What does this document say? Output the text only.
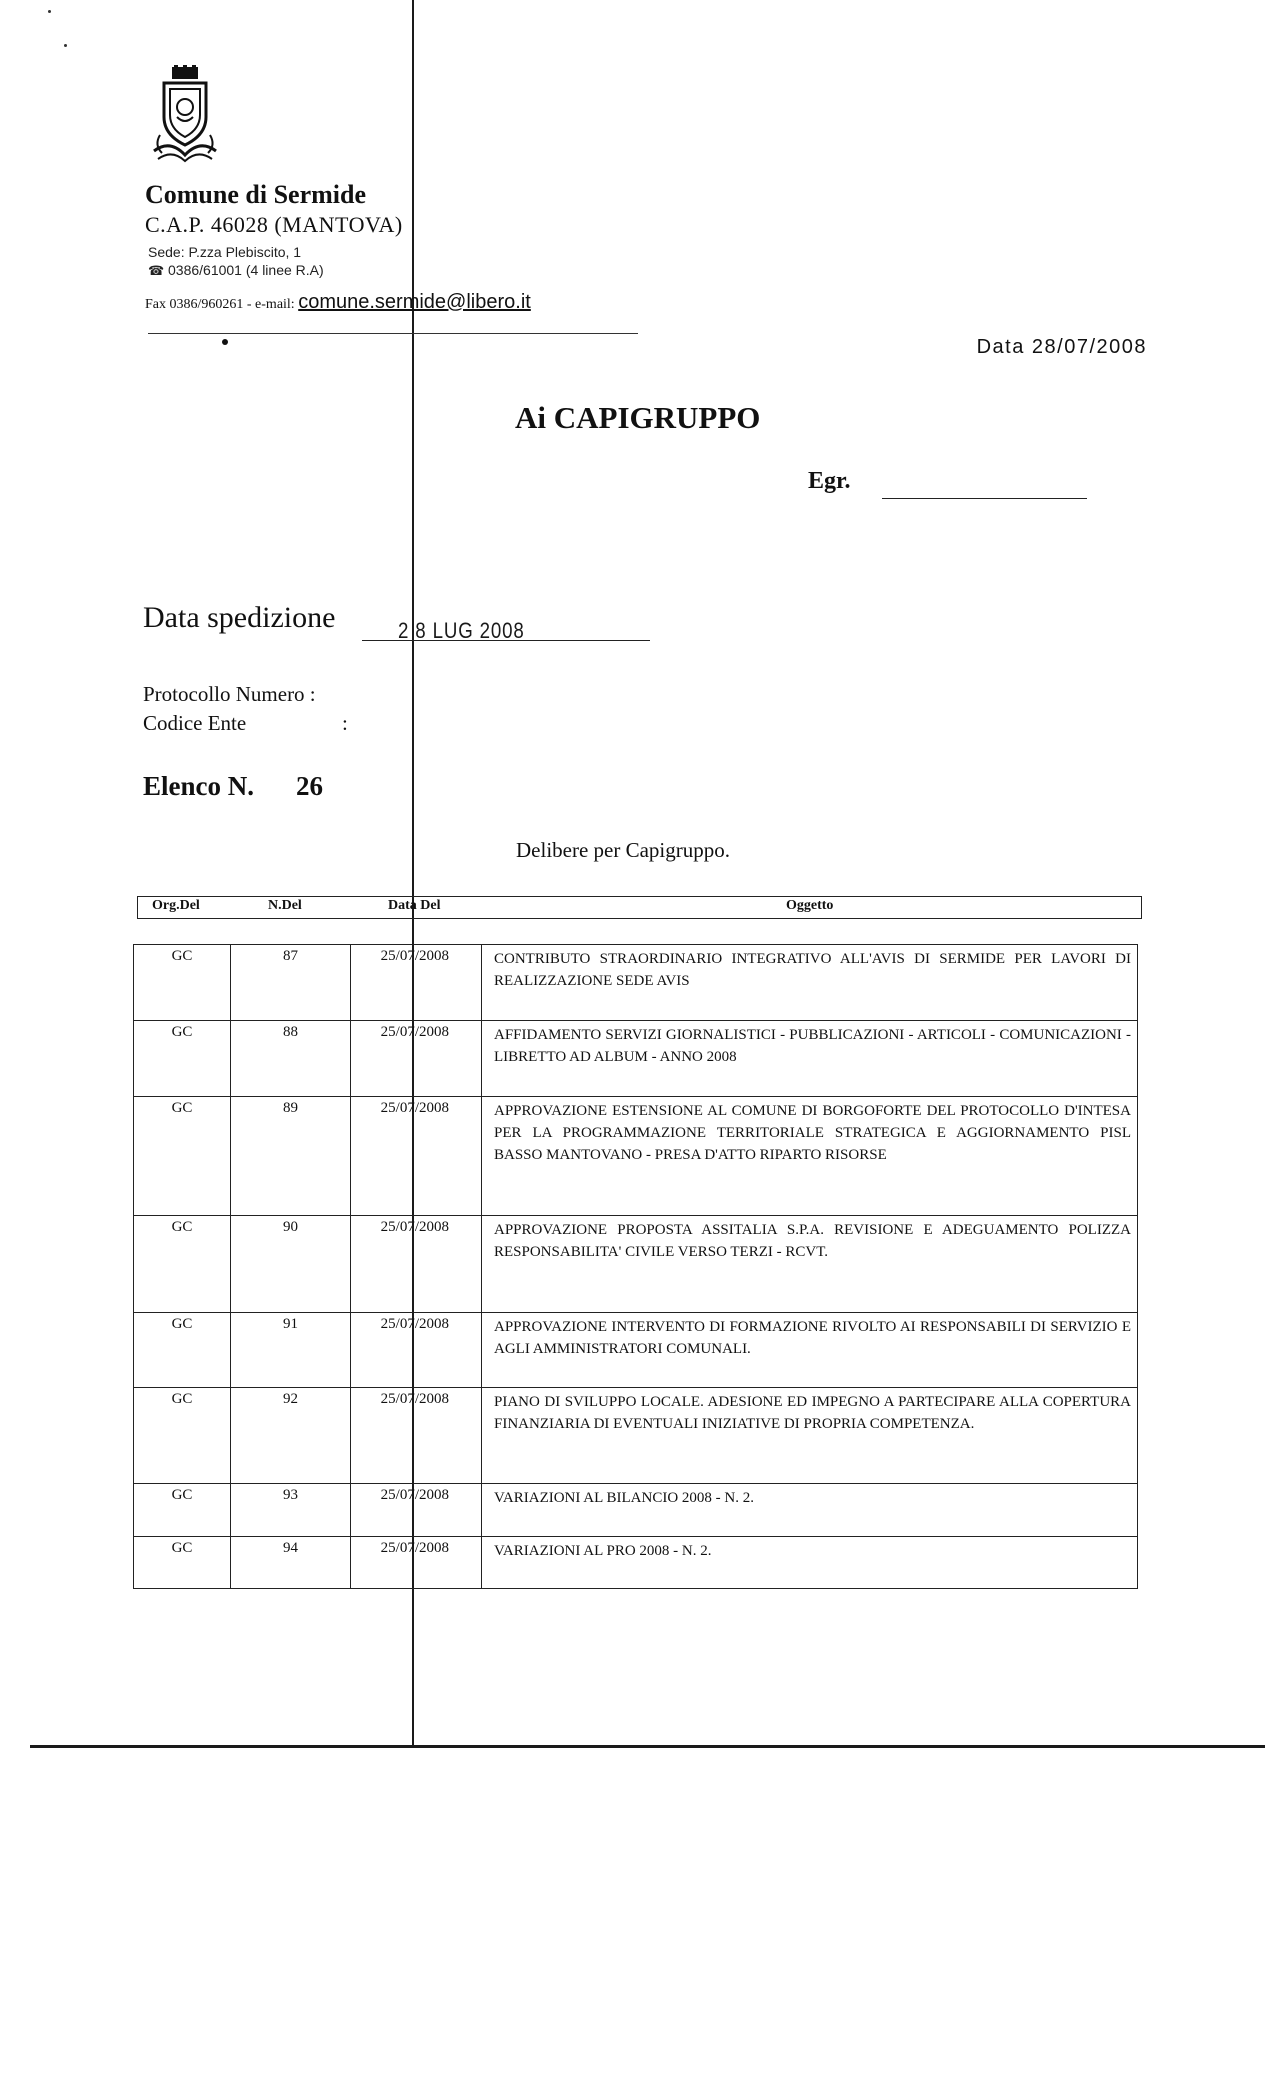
Comune di Sermide
C.A.P. 46028 (MANTOVA)
Sede: P.zza Plebiscito, 1
☎ 0386/61001 (4 linee R.A)
Fax 0386/960261 - e-mail: comune.sermide@libero.it
Data 28/07/2008
Ai CAPIGRUPPO
Egr.
Data spedizione	2 8 LUG 2008
Protocollo Numero :
Codice Ente	:
Elenco N. 26
Delibere per Capigruppo.
Org.Del	N.Del	Data Del	Oggetto
GC	87	25/07/2008	CONTRIBUTO STRAORDINARIO INTEGRATIVO ALL'AVIS DI SERMIDE PER LAVORI DI REALIZZAZIONE SEDE AVIS
GC	88	25/07/2008	AFFIDAMENTO SERVIZI GIORNALISTICI - PUBBLICAZIONI - ARTICOLI - COMUNICAZIONI - LIBRETTO AD ALBUM - ANNO 2008
GC	89	25/07/2008	APPROVAZIONE ESTENSIONE AL COMUNE DI BORGOFORTE DEL PROTOCOLLO D'INTESA PER LA PROGRAMMAZIONE TERRITORIALE STRATEGICA E AGGIORNAMENTO PISL BASSO MANTOVANO - PRESA D'ATTO RIPARTO RISORSE
GC	90	25/07/2008	APPROVAZIONE PROPOSTA ASSITALIA S.P.A. REVISIONE E ADEGUAMENTO POLIZZA RESPONSABILITA' CIVILE VERSO TERZI - RCVT.
GC	91	25/07/2008	APPROVAZIONE INTERVENTO DI FORMAZIONE RIVOLTO AI RESPONSABILI DI SERVIZIO E AGLI AMMINISTRATORI COMUNALI.
GC	92	25/07/2008	PIANO DI SVILUPPO LOCALE. ADESIONE ED IMPEGNO A PARTECIPARE ALLA COPERTURA FINANZIARIA DI EVENTUALI INIZIATIVE DI PROPRIA COMPETENZA.
GC	93	25/07/2008	VARIAZIONI AL BILANCIO 2008 - N. 2.
GC	94	25/07/2008	VARIAZIONI AL PRO 2008 - N. 2.
